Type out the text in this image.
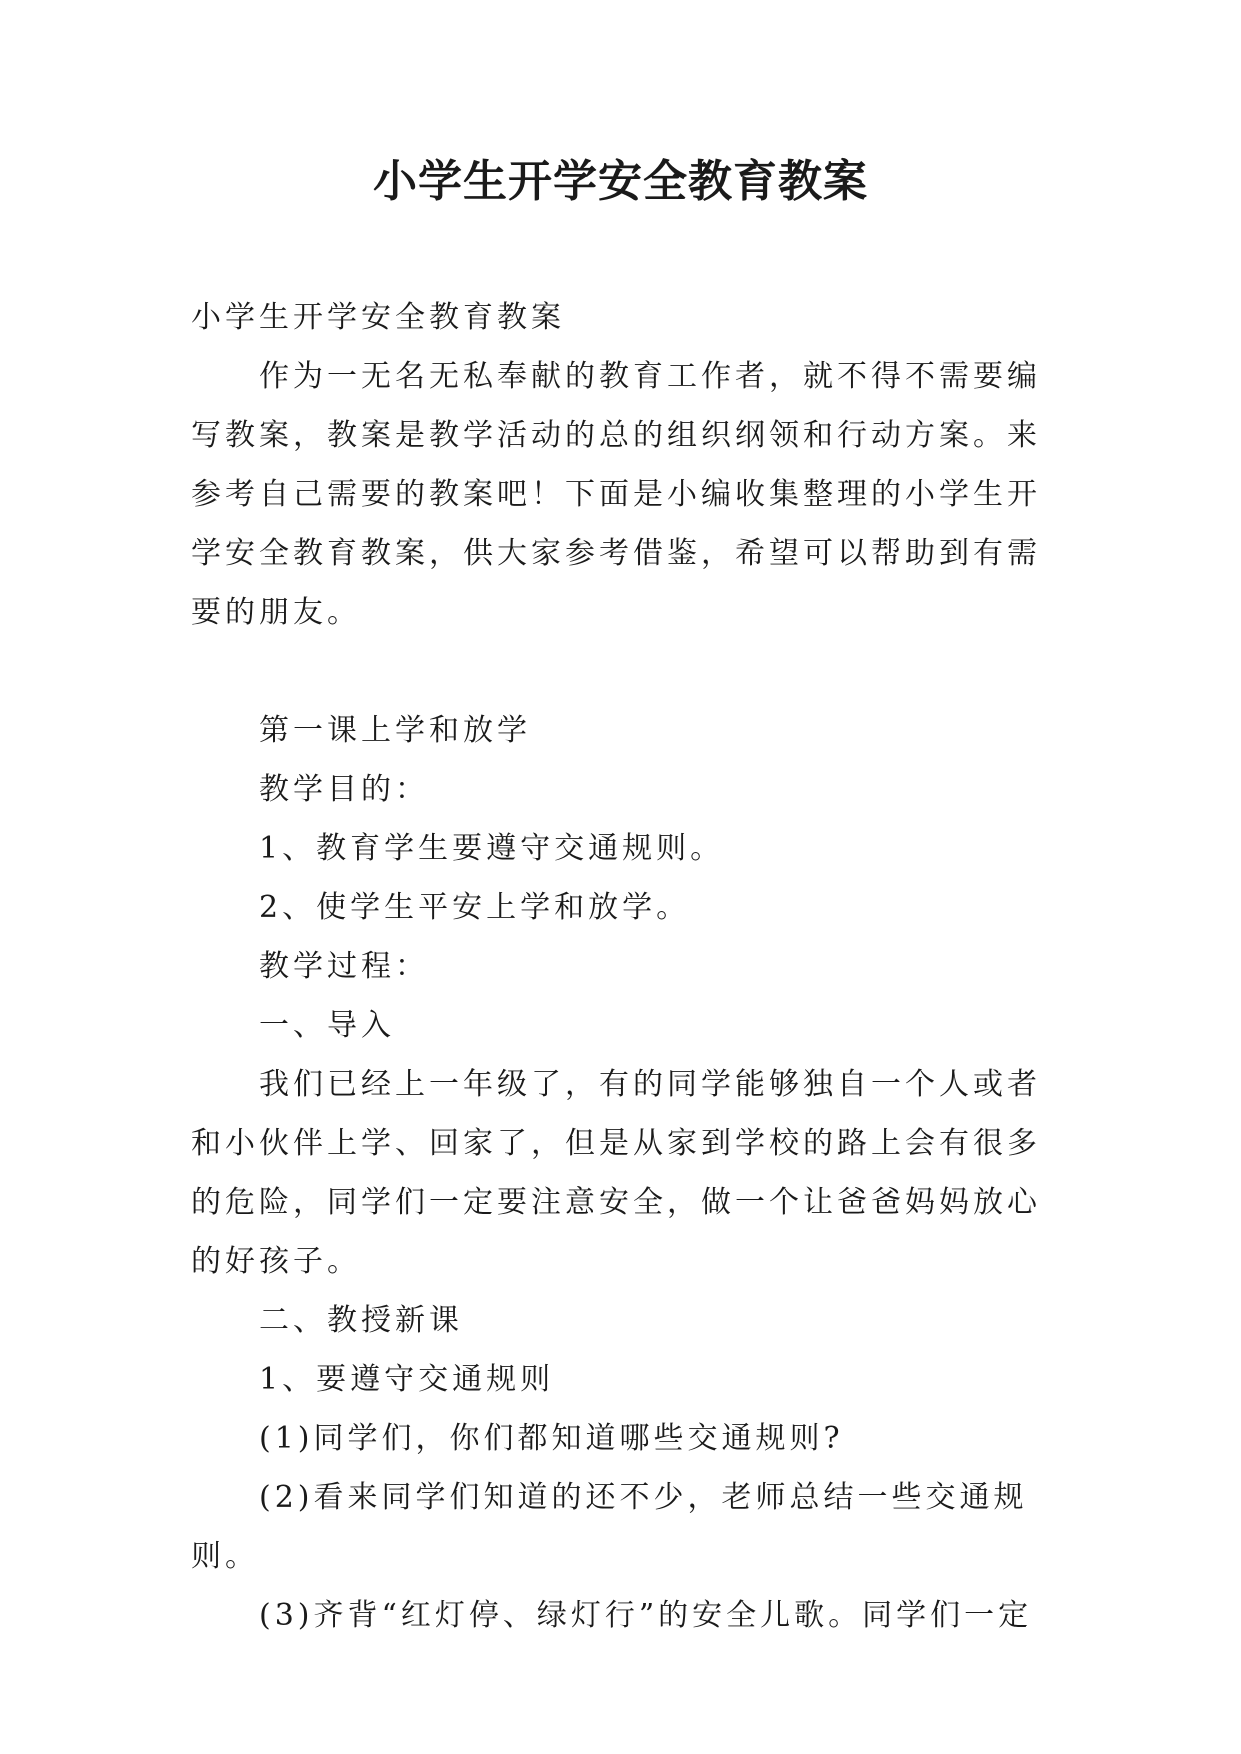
小学生开学安全教育教案

小学生开学安全教育教案

作为一无名无私奉献的教育工作者，就不得不需要编写教案，教案是教学活动的总的组织纲领和行动方案。来参考自己需要的教案吧！下面是小编收集整理的小学生开学安全教育教案，供大家参考借鉴，希望可以帮助到有需要的朋友。

第一课上学和放学

教学目的：

1、教育学生要遵守交通规则。

2、使学生平安上学和放学。

教学过程：

一、导入

我们已经上一年级了，有的同学能够独自一个人或者和小伙伴上学、回家了，但是从家到学校的路上会有很多的危险，同学们一定要注意安全，做一个让爸爸妈妈放心的好孩子。

二、教授新课

1、要遵守交通规则

(1)同学们，你们都知道哪些交通规则?

(2)看来同学们知道的还不少，老师总结一些交通规则。

(3)齐背“红灯停、绿灯行”的安全儿歌。同学们一定
